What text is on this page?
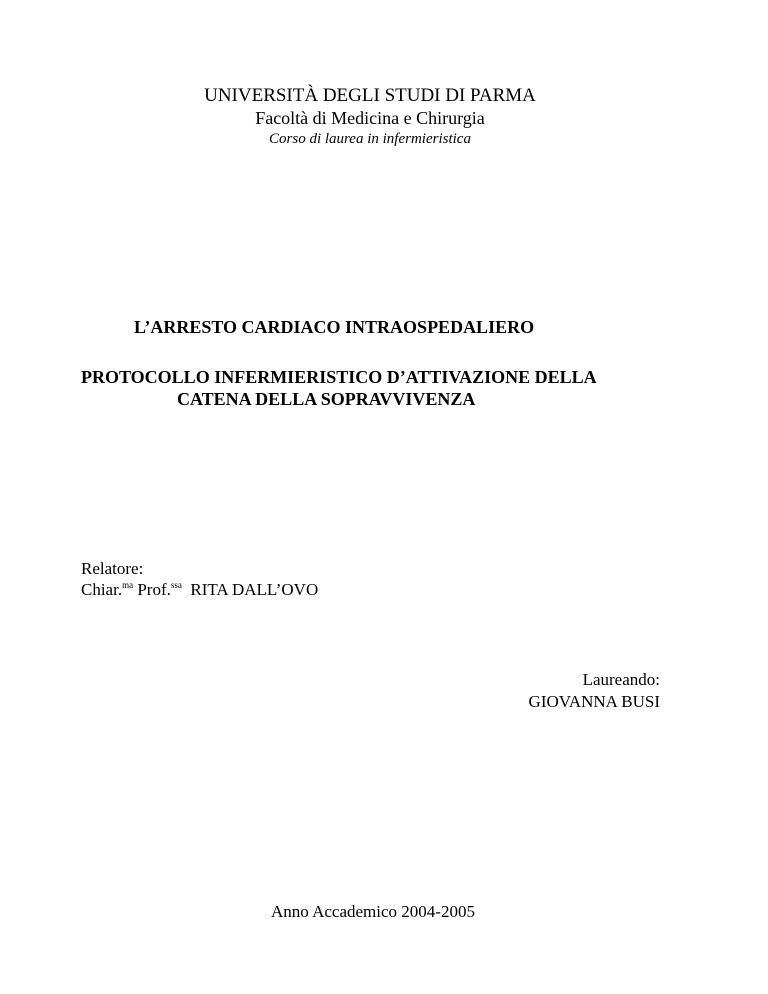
UNIVERSITÀ DEGLI STUDI DI PARMA
Facoltà di Medicina e Chirurgia
Corso di laurea in infermieristica
L’ARRESTO CARDIACO INTRAOSPEDALIERO
PROTOCOLLO INFERMIERISTICO D’ATTIVAZIONE DELLA
CATENA DELLA SOPRAVVIVENZA
Relatore:
Chiar.$^{ma}$ Prof.$^{ssa}$  RITA DALL’OVO
Laureando:
GIOVANNA BUSI
Anno Accademico 2004-2005
